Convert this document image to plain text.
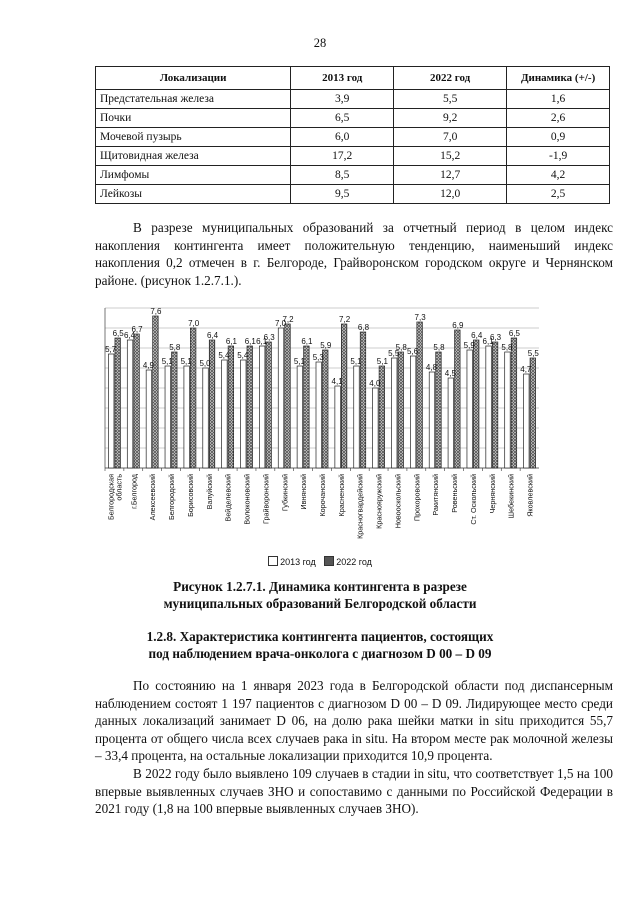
28
Локализации	2013 год	2022 год	Динамика (+/-)
Предстательная железа	3,9	5,5	1,6
Почки	6,5	9,2	2,6
Мочевой пузырь	6,0	7,0	0,9
Щитовидная железа	17,2	15,2	-1,9
Лимфомы	8,5	12,7	4,2
Лейкозы	9,5	12,0	2,5
В разрезе муниципальных образований за отчетный период в целом индекс накопления контингента имеет положительную тенденцию, наименьший индекс накопления 0,2 отмечен в г. Белгороде, Грайворонском городском округе и Чернянском районе. (рисунок 1.2.7.1.).
5,7
6,5
Белгородская область
6,4
6,7
г.Белгород
4,9
7,6
Алексеевский
5,1
5,8
Белгородский
5,1
7,0
Борисовский
5,0
6,4
Валуйский
5,4
6,1
Вейделевский
5,4
6,1
Волоконовский
6,1
6,3
Грайворонский
7,0
7,2
Губкинский
5,1
6,1
Ивнянский
5,3
5,9
Корочанский
4,1
7,2
Красненский
5,1
6,8
Красногвардейский
4,0
5,1
Краснояружский
5,5
5,8
Новооскольский
5,6
7,3
Прохоровский
4,8
5,8
Ракитянский
4,5
6,9
Ровеньский
5,9
6,4
Ст. Оскольский
6,1
6,3
Чернянский
5,8
6,5
Шебекинский
4,7
5,5
Яковлевский
2013 год 2022 год
Рисунок 1.2.7.1. Динамика контингента в разрезе
муниципальных образований Белгородской области
1.2.8. Характеристика контингента пациентов, состоящих
под наблюдением врача-онколога с диагнозом D 00 – D 09
По состоянию на 1 января 2023 года в Белгородской области под диспансерным наблюдением состоят 1 197 пациентов с диагнозом D 00 – D 09. Лидирующее место среди данных локализаций занимает D 06, на долю рака шейки матки in situ приходится 55,7 процента от общего числа всех случаев рака in situ. На втором месте рак молочной железы – 33,4 процента, на остальные локализации приходится 10,9 процента.
В 2022 году было выявлено 109 случаев в стадии in situ, что соответствует 1,5 на 100 впервые выявленных случаев ЗНО и сопоставимо с данными по Российской Федерации в 2021 году (1,8 на 100 впервые выявленных случаев ЗНО).
